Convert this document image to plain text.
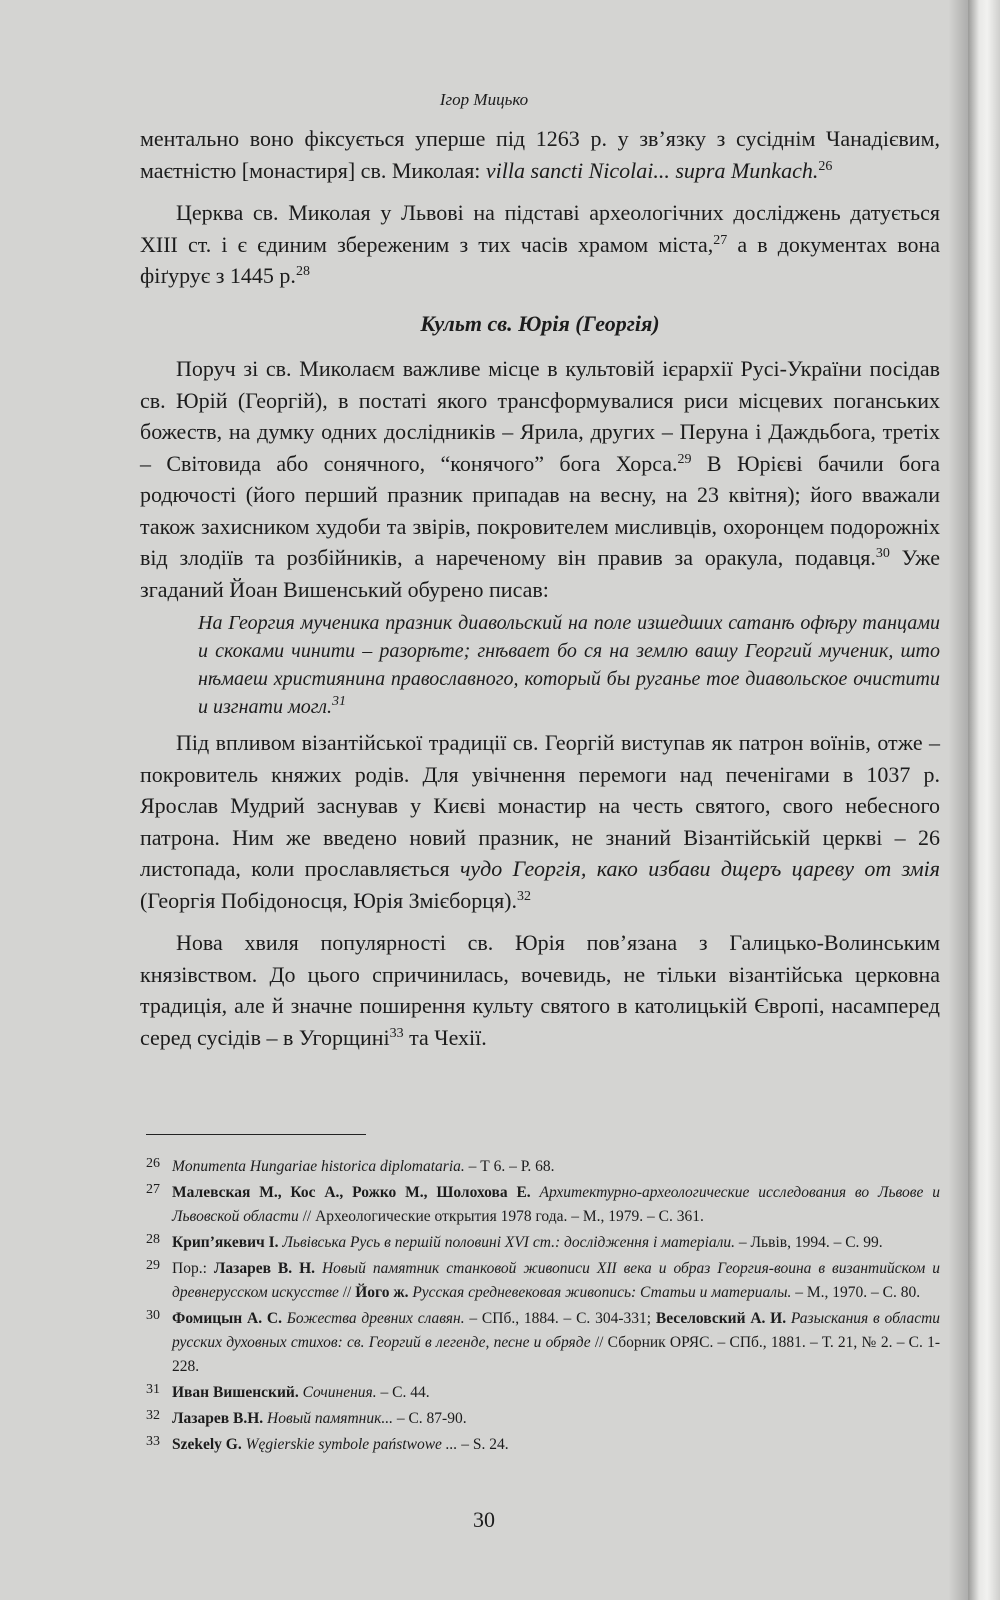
Ігор Мицько

ментально воно фіксується уперше під 1263 р. у зв’язку з сусіднім Чанадієвим, маєтністю [монастиря] св. Миколая: villa sancti Nicolai... supra Munkach.$^{26}$

Церква св. Миколая у Львові на підставі археологічних досліджень датується XIII ст. і є єдиним збереженим з тих часів храмом міста,$^{27}$ а в документах вона фіґурує з 1445 р.$^{28}$

Культ св. Юрія (Георгія)

Поруч зі св. Миколаєм важливе місце в культовій ієрархії Русі-України посідав св. Юрій (Георгій), в постаті якого трансформувалися риси місцевих поганських божеств, на думку одних дослідників – Ярила, других – Перуна і Даждьбога, третіх – Світовида або сонячного, “конячого” бога Хорса.$^{29}$ В Юрієві бачили бога родючості (його перший празник припадав на весну, на 23 квітня); його вважали також захисником худоби та звірів, покровителем мисливців, охоронцем подорожніх від злодіїв та розбійників, а нареченому він правив за оракула, подавця.$^{30}$ Уже згаданий Йоан Вишенський обурено писав:

На Георгия мученика празник диавольский на поле изшедших сатанѣ офѣру танцами и скоками чинити – разорѣте; гнѣвает бо ся на землю вашу Георгий мученик, што нѣмаеш християнина православного, который бы руганье тое диавольское очистити и изгнати могл.$^{31}$

Під впливом візантійської традиції св. Георгій виступав як патрон воїнів, отже – покровитель княжих родів. Для увічнення перемоги над печенігами в 1037 р. Ярослав Мудрий заснував у Києві монастир на честь святого, свого небесного патрона. Ним же введено новий празник, не знаний Візантійській церкві – 26 листопада, коли прославляється чудо Георгія, како избави дщеръ цареву от змія (Георгія Побідоносця, Юрія Змієборця).$^{32}$

Нова хвиля популярності св. Юрія пов’язана з Галицько-Волинським князівством. До цього спричинилась, вочевидь, не тільки візантійська церковна традиція, але й значне поширення культу святого в католицькій Європі, насамперед серед сусідів – в Угорщині$^{33}$ та Чехії.

26 Monumenta Hungariae historica diplomataria. – Т 6. – Р. 68.

27 Малевская М., Кос А., Рожко М., Шолохова Е. Архитектурно-археологические исследования во Львове и Львовской области // Археологические открытия 1978 года. – М., 1979. – С. 361.

28 Крип’якевич І. Львівська Русь в першій половині XVI ст.: дослідження і матеріали. – Львів, 1994. – С. 99.

29 Пор.: Лазарев В. Н. Новый памятник станковой живописи XII века и образ Георгия-воина в византийском и древнерусском искусстве // Його ж. Русская средневековая живопись: Статьи и материалы. – М., 1970. – С. 80.

30 Фомицын А. С. Божества древних славян. – СПб., 1884. – С. 304-331; Веселовский А. И. Разыскания в области русских духовных стихов: св. Георгий в легенде, песне и обряде // Сборник ОРЯС. – СПб., 1881. – Т. 21, № 2. – С. 1-228.

31 Иван Вишенский. Сочинения. – С. 44.

32 Лазарев В.Н. Новый памятник... – С. 87-90.

33 Szekely G. Węgierskie symbole państwowe ... – S. 24.

30
